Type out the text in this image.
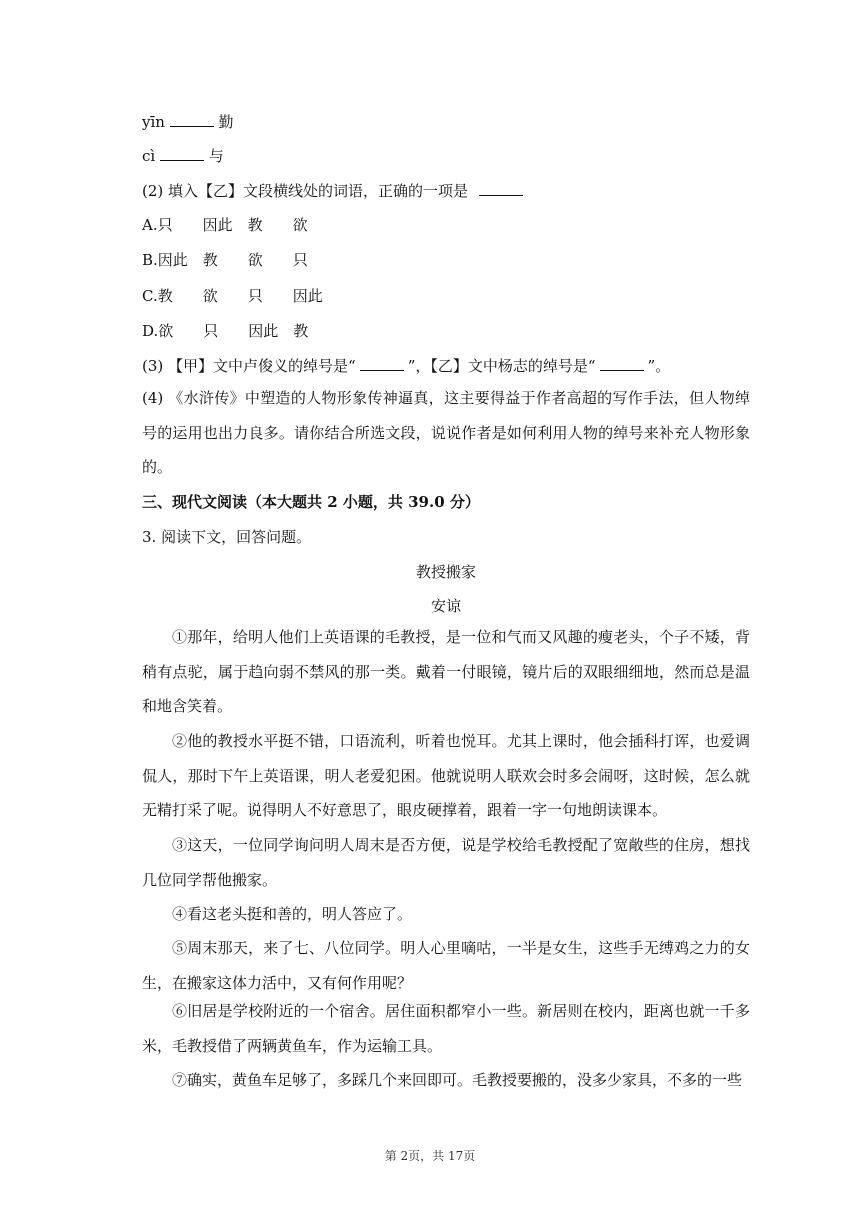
yīn	勤
cì	与
(2) 填入【乙】文段横线处的词语，正确的一项是
A.只 因此 教 欲
B.因此 教 欲 只
C.教 欲 只 因此
D.欲 只 因此 教
(3) 【甲】文中卢俊义的绰号是“	”，【乙】文中杨志的绰号是“	”。
(4) 《水浒传》中塑造的人物形象传神逼真，这主要得益于作者高超的写作手法，但人物绰号的运用也出力良多。请你结合所选文段，说说作者是如何利用人物的绰号来补充人物形象的。
三、现代文阅读（本大题共 2 小题，共 39.0 分）
3. 阅读下文，回答问题。
教授搬家
安谅
①那年，给明人他们上英语课的毛教授，是一位和气而又风趣的瘦老头，个子不矮，背稍有点驼，属于趋向弱不禁风的那一类。戴着一付眼镜，镜片后的双眼细细地，然而总是温和地含笑着。
②他的教授水平挺不错，口语流利，听着也悦耳。尤其上课时，他会插科打诨，也爱调侃人，那时下午上英语课，明人老爱犯困。他就说明人联欢会时多会闹呀，这时候，怎么就无精打采了呢。说得明人不好意思了，眼皮硬撑着，跟着一字一句地朗读课本。
③这天，一位同学询问明人周末是否方便，说是学校给毛教授配了宽敞些的住房，想找几位同学帮他搬家。
④看这老头挺和善的，明人答应了。
⑤周末那天，来了七、八位同学。明人心里嘀咕，一半是女生，这些手无缚鸡之力的女生，在搬家这体力活中，又有何作用呢？
⑥旧居是学校附近的一个宿舍。居住面积都窄小一些。新居则在校内，距离也就一千多米，毛教授借了两辆黄鱼车，作为运输工具。
⑦确实，黄鱼车足够了，多踩几个来回即可。毛教授要搬的，没多少家具，不多的一些
第 2页，共 17页
